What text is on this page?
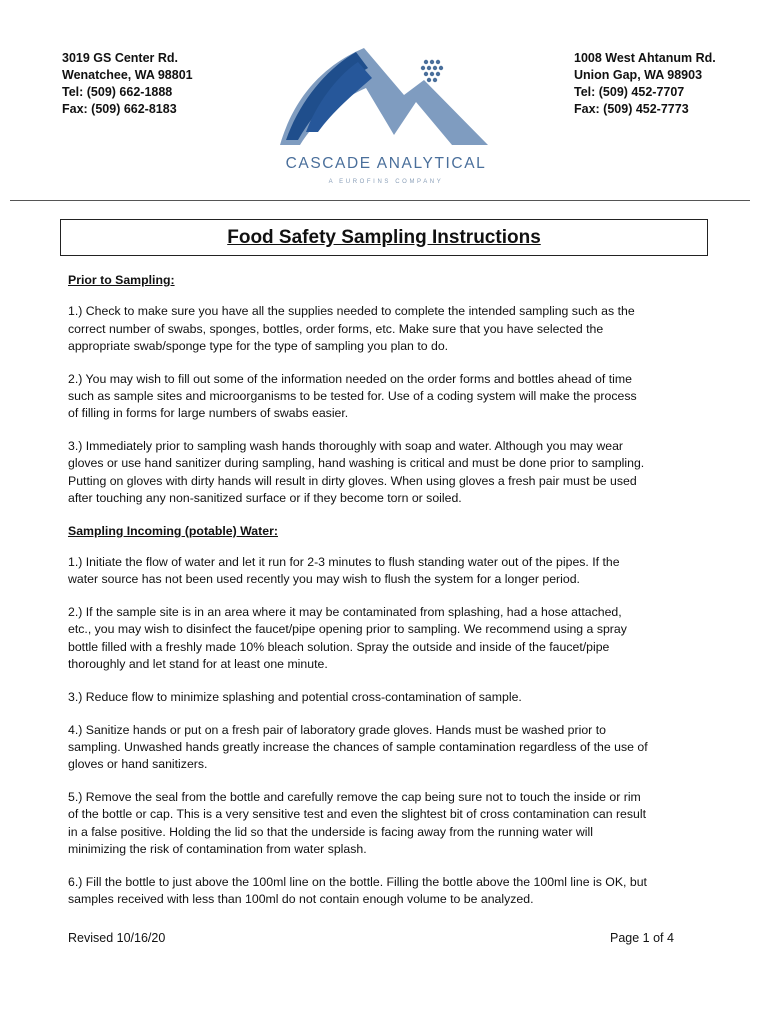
3019 GS Center Rd.
Wenatchee, WA 98801
Tel: (509) 662-1888
Fax: (509) 662-8183
CASCADE ANALYTICAL
A EUROFINS COMPANY
1008 West Ahtanum Rd.
Union Gap, WA 98903
Tel: (509) 452-7707
Fax: (509) 452-7773
Food Safety Sampling Instructions
Prior to Sampling:

1.) Check to make sure you have all the supplies needed to complete the intended sampling such as the correct number of swabs, sponges, bottles, order forms, etc. Make sure that you have selected the appropriate swab/sponge type for the type of sampling you plan to do.

2.) You may wish to fill out some of the information needed on the order forms and bottles ahead of time such as sample sites and microorganisms to be tested for. Use of a coding system will make the process of filling in forms for large numbers of swabs easier.

3.) Immediately prior to sampling wash hands thoroughly with soap and water. Although you may wear gloves or use hand sanitizer during sampling, hand washing is critical and must be done prior to sampling. Putting on gloves with dirty hands will result in dirty gloves. When using gloves a fresh pair must be used after touching any non-sanitized surface or if they become torn or soiled.

Sampling Incoming (potable) Water:

1.) Initiate the flow of water and let it run for 2-3 minutes to flush standing water out of the pipes. If the water source has not been used recently you may wish to flush the system for a longer period.

2.) If the sample site is in an area where it may be contaminated from splashing, had a hose attached, etc., you may wish to disinfect the faucet/pipe opening prior to sampling. We recommend using a spray bottle filled with a freshly made 10% bleach solution. Spray the outside and inside of the faucet/pipe thoroughly and let stand for at least one minute.

3.) Reduce flow to minimize splashing and potential cross-contamination of sample.

4.) Sanitize hands or put on a fresh pair of laboratory grade gloves. Hands must be washed prior to sampling. Unwashed hands greatly increase the chances of sample contamination regardless of the use of gloves or hand sanitizers.

5.) Remove the seal from the bottle and carefully remove the cap being sure not to touch the inside or rim of the bottle or cap. This is a very sensitive test and even the slightest bit of cross contamination can result in a false positive. Holding the lid so that the underside is facing away from the running water will minimizing the risk of contamination from water splash.

6.) Fill the bottle to just above the 100ml line on the bottle. Filling the bottle above the 100ml line is OK, but samples received with less than 100ml do not contain enough volume to be analyzed.

Revised 10/16/20	Page 1 of 4
